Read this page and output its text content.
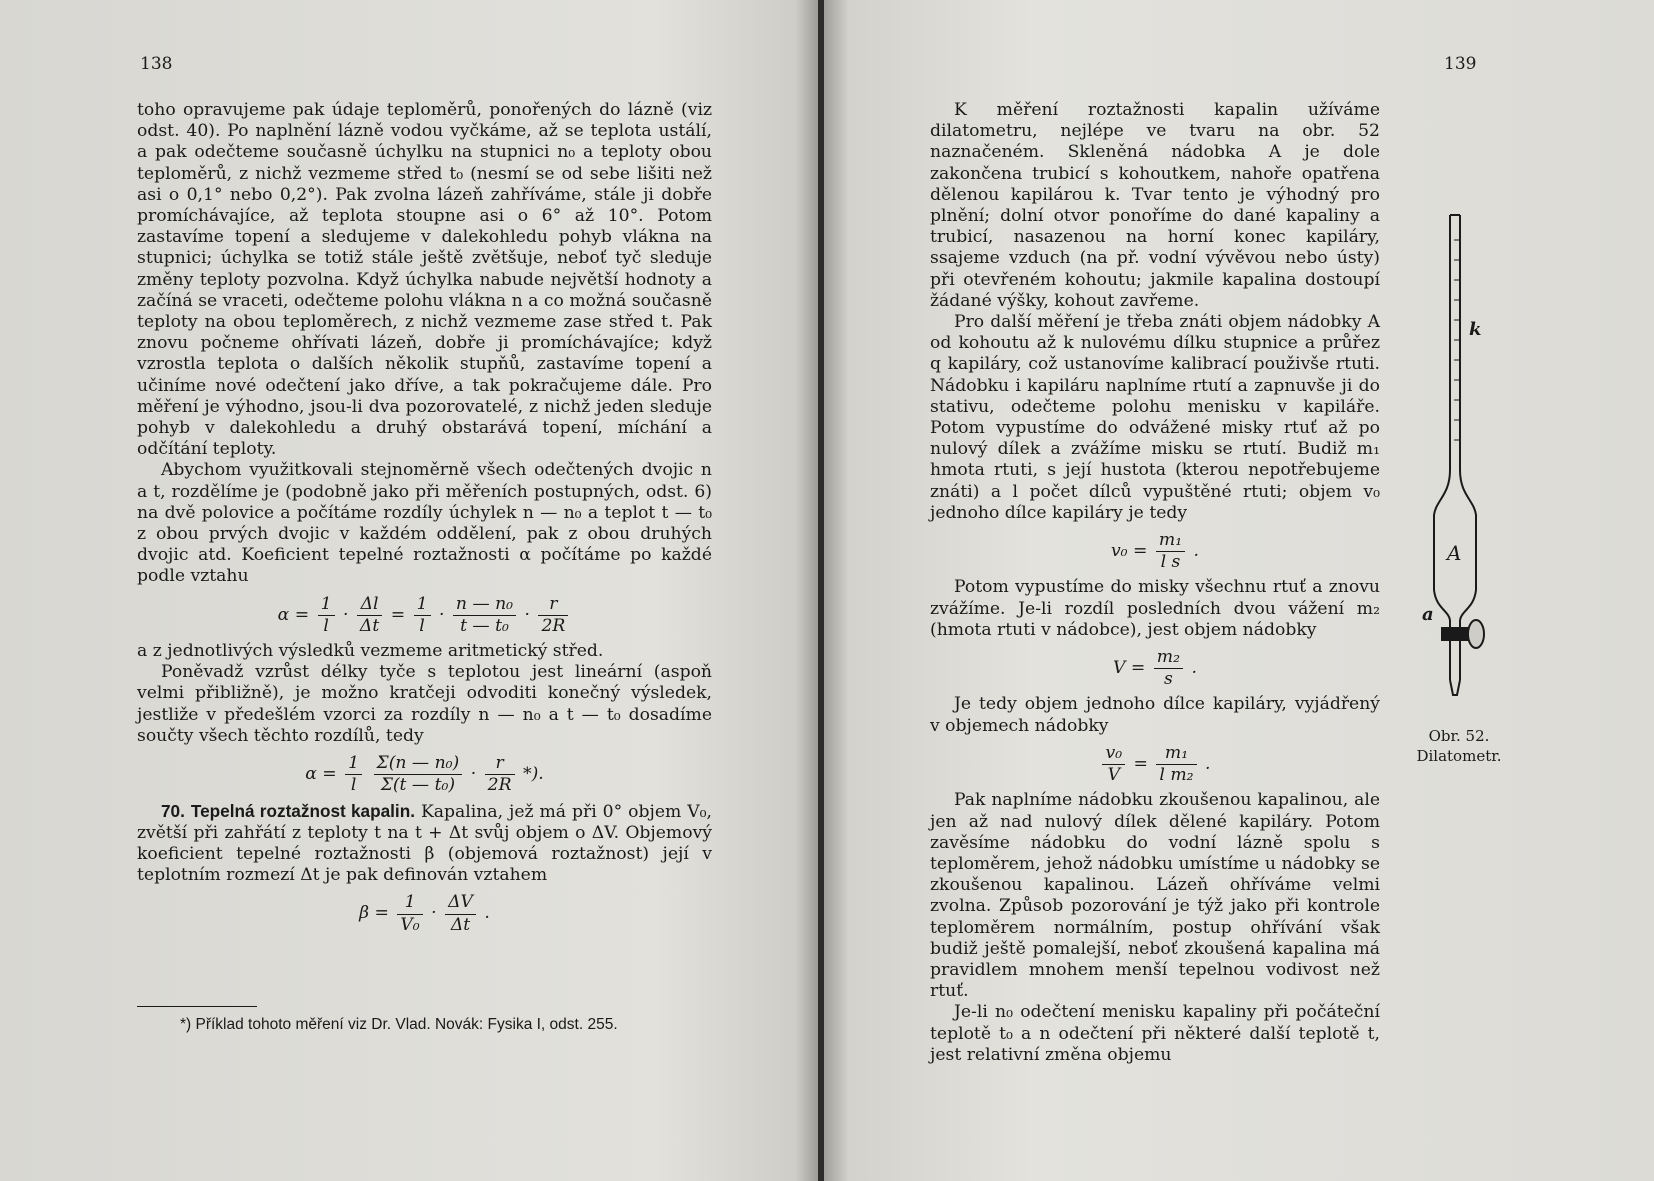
138

toho opravujeme pak údaje teploměrů, ponořených do lázně (viz odst. 40). Po naplnění lázně vodou vyčkáme, až se teplota ustálí, a pak odečteme současně úchylku na stupnici n₀ a teploty obou teploměrů, z nichž vezmeme střed t₀ (nesmí se od sebe lišiti než asi o 0,1° nebo 0,2°). Pak zvolna lázeň zahříváme, stále ji dobře promíchávajíce, až teplota stoupne asi o 6° až 10°. Potom zastavíme topení a sledujeme v dalekohledu pohyb vlákna na stupnici; úchylka se totiž stále ještě zvětšuje, neboť tyč sleduje změny teploty pozvolna. Když úchylka nabude největší hodnoty a začíná se vraceti, odečteme polohu vlákna n a co možná současně teploty na obou teploměrech, z nichž vezmeme zase střed t. Pak znovu počneme ohřívati lázeň, dobře ji promíchávajíce; když vzrostla teplota o dalších několik stupňů, zastavíme topení a učiníme nové odečtení jako dříve, a tak pokračujeme dále. Pro měření je výhodno, jsou-li dva pozorovatelé, z nichž jeden sleduje pohyb v dalekohledu a druhý obstarává topení, míchání a odčítání teploty.

Abychom využitkovali stejnoměrně všech odečtených dvojic n a t, rozdělíme je (podobně jako při měřeních postupných, odst. 6) na dvě polovice a počítáme rozdíly úchylek n — n₀ a teplot t — t₀ z obou prvých dvojic v každém oddělení, pak z obou druhých dvojic atd. Koeficient tepelné roztažnosti α počítáme po každé podle vztahu

$\alpha = \frac{1}{l} \cdot \frac{\Delta l}{\Delta t} = \frac{1}{l} \cdot \frac{\text{n — n₀}}{\text{t — t₀}} \cdot \frac{r}{2R}$

a z jednotlivých výsledků vezmeme aritmetický střed.

Poněvadž vzrůst délky tyče s teplotou jest lineární (aspoň velmi přibližně), je možno kratčeji odvoditi konečný výsledek, jestliže v předešlém vzorci za rozdíly n — n₀ a t — t₀ dosadíme součty všech těchto rozdílů, tedy

$\alpha = \frac{1}{l}$
$\frac{\text{Σ(n — n₀)}}{\text{Σ(t — t₀)}} \cdot \frac{r}{2R}$ *).

70. Tepelná roztažnost kapalin. Kapalina, jež má při 0° objem V₀, zvětší při zahřátí z teploty t na t + Δt svůj objem o ΔV. Objemový koeficient tepelné roztažnosti β (objemová roztažnost) její v teplotním rozmezí Δt je pak definován vztahem

$\beta = \frac{1}{\text{V₀}} \cdot \frac{\Delta V}{\Delta t}$ .
*) Příklad tohoto měření viz Dr. Vlad. Novák: Fysika I, odst. 255.
139

K měření roztažnosti kapalin užíváme dilatometru, nejlépe ve tvaru na obr. 52 naznačeném. Skleněná nádobka A je dole zakončena trubicí s kohoutkem, nahoře opatřena dělenou kapilárou k. Tvar tento je výhodný pro plnění; dolní otvor ponoříme do dané kapaliny a trubicí, nasazenou na horní konec kapiláry, ssajeme vzduch (na př. vodní vývěvou nebo ústy) při otevřeném kohoutu; jakmile kapalina dostoupí žádané výšky, kohout zavřeme.

Pro další měření je třeba znáti objem nádobky A od kohoutu až k nulovému dílku stupnice a průřez q kapiláry, což ustanovíme kalibrací použivše rtuti. Nádobku i kapiláru naplníme rtutí a zapnuvše ji do stativu, odečteme polohu menisku v kapiláře. Potom vypustíme do odvážené misky rtuť až po nulový dílek a zvážíme misku se rtutí. Budiž m₁ hmota rtuti, s její hustota (kterou nepotřebujeme znáti) a l počet dílců vypuštěné rtuti; objem v₀ jednoho dílce kapiláry je tedy

$v_0 = \frac{\text{m₁}}{\text{l s}}$ .

Potom vypustíme do misky všechnu rtuť a znovu zvážíme. Je-li rozdíl posledních dvou vážení m₂ (hmota rtuti v nádobce), jest objem nádobky

$V = \frac{\text{m₂}}{s}$ .

Je tedy objem jednoho dílce kapiláry, vyjádřený v objemech nádobky

$\frac{\text{v₀}}{V} = \frac{\text{m₁}}{\text{l m₂}}$ .

Pak naplníme nádobku zkoušenou kapalinou, ale jen až nad nulový dílek dělené kapiláry. Potom zavěsíme nádobku do vodní lázně spolu s teploměrem, jehož nádobku umístíme u nádobky se zkoušenou kapalinou. Lázeň ohříváme velmi zvolna. Způsob pozorování je týž jako při kontrole teploměrem normálním, postup ohřívání však budiž ještě pomalejší, neboť zkoušená kapalina má pravidlem mnohem menší tepelnou vodivost než rtuť.

Je-li n₀ odečtení menisku kapaliny při počáteční teplotě t₀ a n odečtení při některé další teplotě t, jest relativní změna objemu

k
A
a
Obr. 52.
Dilatometr.
